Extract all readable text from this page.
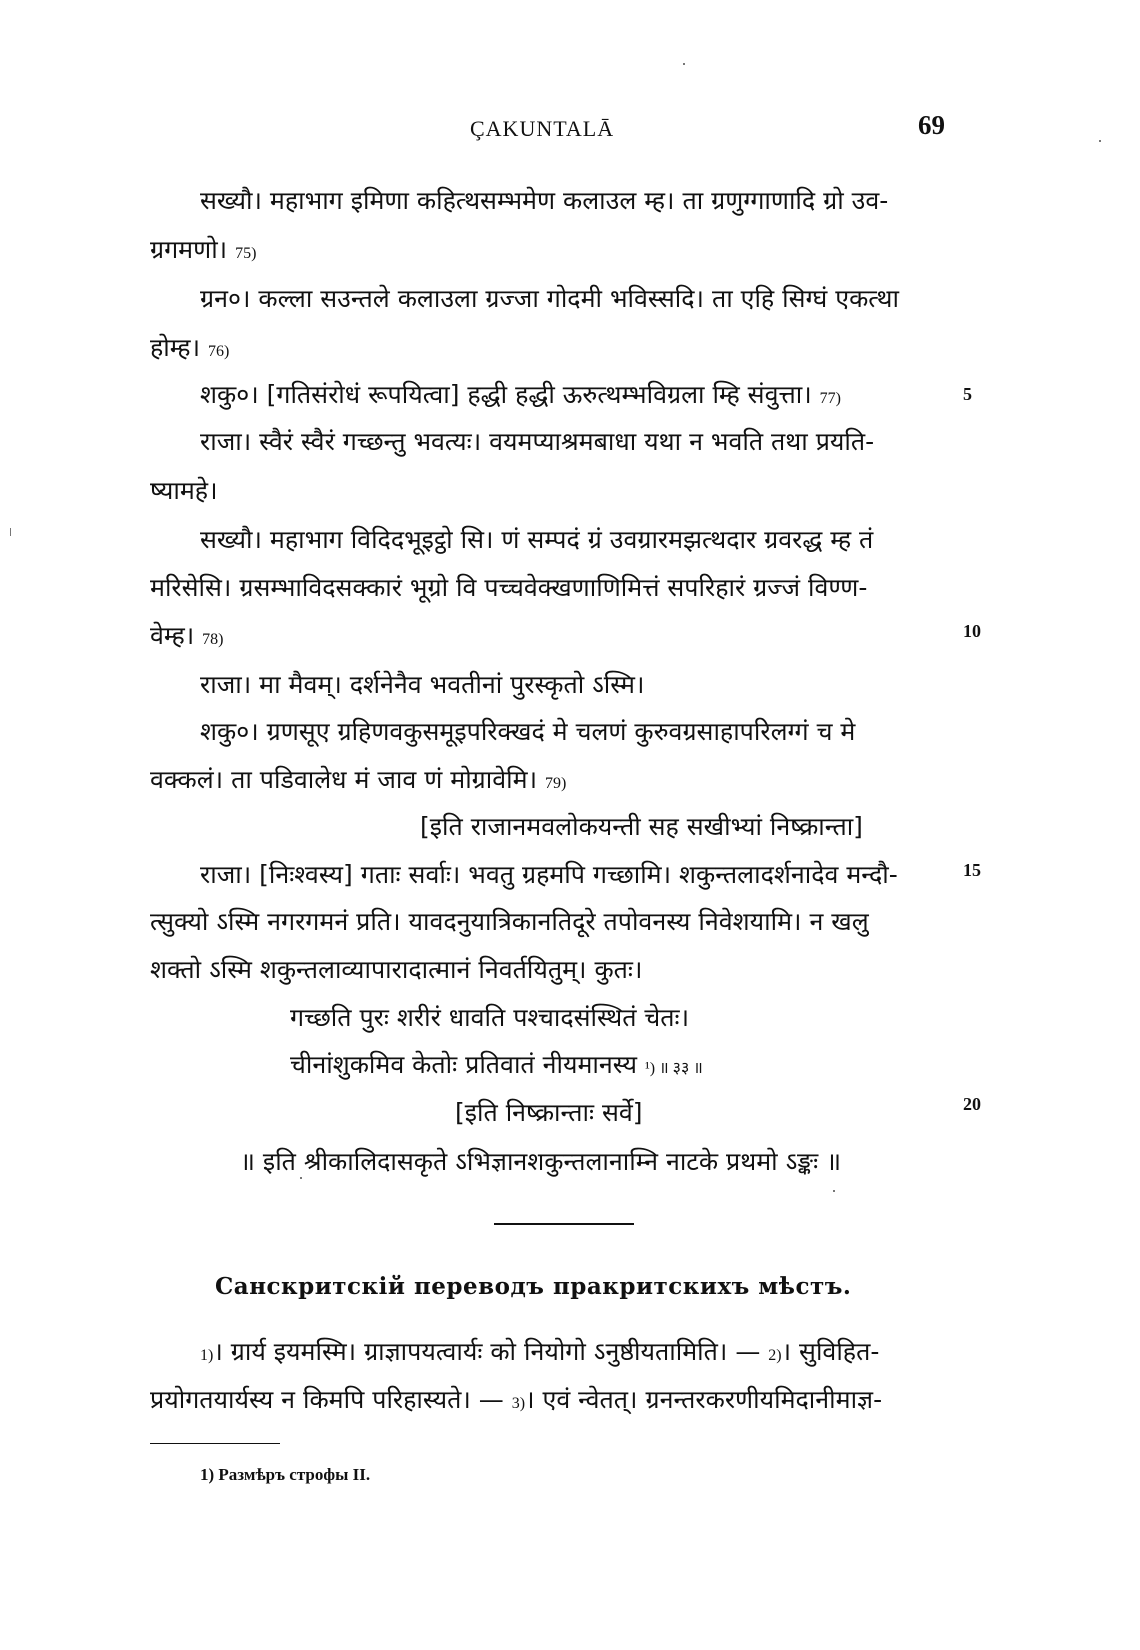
ÇAKUNTALĀ	69
सख्यौ। महाभाग इमिणा कहित्थसम्भमेण कलाउल म्ह। ता ग्रणुग्गाणादि ग्रो उव-
ग्रगमणो। 75)
ग्रन०। कल्ला सउन्तले कलाउला ग्रज्जा गोदमी भविस्सदि। ता एहि सिग्घं एकत्था
होम्ह। 76)
शकु०। [गतिसंरोधं रूपयित्वा] हद्धी हद्धी ऊरुत्थम्भविग्रला म्हि संवुत्ता। 77)
राजा। स्वैरं स्वैरं गच्छन्तु भवत्यः। वयमप्याश्रमबाधा यथा न भवति तथा प्रयति-
ष्यामहे।
सख्यौ। महाभाग विदिदभूइट्ठो सि। णं सम्पदं ग्रं उवग्रारमझत्थदार ग्रवरद्ध म्ह तं
मरिसेसि। ग्रसम्भाविदसक्कारं भूग्रो वि पच्चवेक्खणाणिमित्तं सपरिहारं ग्रज्जं विण्ण-
वेम्ह। 78)
राजा। मा मैवम्। दर्शनेनैव भवतीनां पुरस्कृतो ऽस्मि।
शकु०। ग्रणसूए ग्रहिणवकुसमूइपरिक्खदं मे चलणं कुरुवग्रसाहापरिलग्गं च मे
वक्कलं। ता पडिवालेध मं जाव णं मोग्रावेमि। 79)
[इति राजानमवलोकयन्ती सह सखीभ्यां निष्क्रान्ता]
राजा। [निःश्वस्य] गताः सर्वाः। भवतु ग्रहमपि गच्छामि। शकुन्तलादर्शनादेव मन्दौ-
त्सुक्यो ऽस्मि नगरगमनं प्रति। यावदनुयात्रिकानतिदूरे तपोवनस्य निवेशयामि। न खलु
शक्तो ऽस्मि शकुन्तलाव्यापारादात्मानं निवर्तयितुम्। कुतः।
गच्छति पुरः शरीरं धावति पश्चादसंस्थितं चेतः।
चीनांशुकमिव केतोः प्रतिवातं नीयमानस्य ¹) ॥ ३३ ॥
[इति निष्क्रान्ताः सर्वे]
॥ इति श्रीकालिदासकृते ऽभिज्ञानशकुन्तलानाम्नि नाटके प्रथमो ऽङ्कः ॥
5
10
15
20
Санскритскій переводъ пракритскихъ мѣстъ.
1)। ग्रार्य इयमस्मि। ग्राज्ञापयत्वार्यः को नियोगो ऽनुष्ठीयतामिति। — 2)। सुविहित-
प्रयोगतयार्यस्य न किमपि परिहास्यते। — 3)। एवं न्वेतत्। ग्रनन्तरकरणीयमिदानीमाज्ञ-
1) Размѣръ строфы II.
